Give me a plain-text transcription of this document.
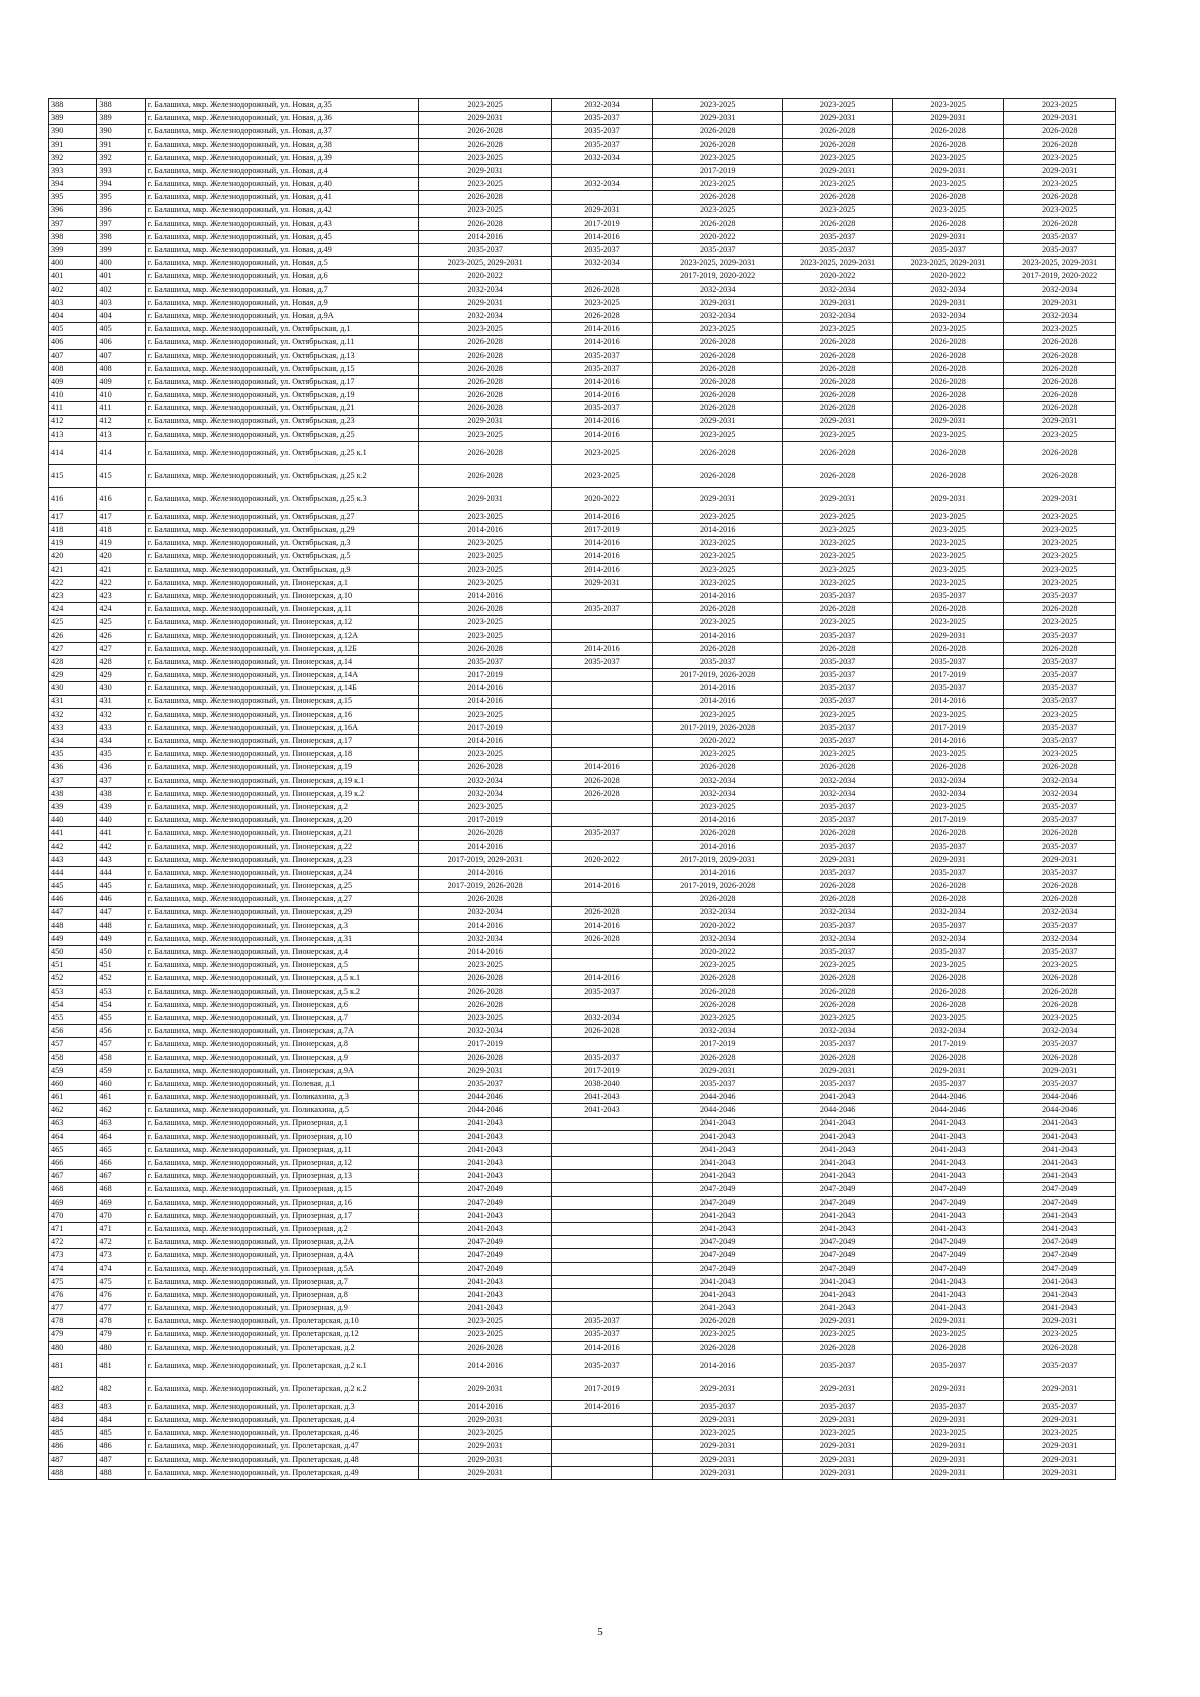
388	388	г. Балашиха, мкр. Железнодорожный, ул. Новая, д.35	2023-2025	2032-2034	2023-2025	2023-2025	2023-2025	2023-2025
389	389	г. Балашиха, мкр. Железнодорожный, ул. Новая, д.36	2029-2031	2035-2037	2029-2031	2029-2031	2029-2031	2029-2031
390	390	г. Балашиха, мкр. Железнодорожный, ул. Новая, д.37	2026-2028	2035-2037	2026-2028	2026-2028	2026-2028	2026-2028
391	391	г. Балашиха, мкр. Железнодорожный, ул. Новая, д.38	2026-2028	2035-2037	2026-2028	2026-2028	2026-2028	2026-2028
392	392	г. Балашиха, мкр. Железнодорожный, ул. Новая, д.39	2023-2025	2032-2034	2023-2025	2023-2025	2023-2025	2023-2025
393	393	г. Балашиха, мкр. Железнодорожный, ул. Новая, д.4	2029-2031		2017-2019	2029-2031	2029-2031	2029-2031
394	394	г. Балашиха, мкр. Железнодорожный, ул. Новая, д.40	2023-2025	2032-2034	2023-2025	2023-2025	2023-2025	2023-2025
395	395	г. Балашиха, мкр. Железнодорожный, ул. Новая, д.41	2026-2028		2026-2028	2026-2028	2026-2028	2026-2028
396	396	г. Балашиха, мкр. Железнодорожный, ул. Новая, д.42	2023-2025	2029-2031	2023-2025	2023-2025	2023-2025	2023-2025
397	397	г. Балашиха, мкр. Железнодорожный, ул. Новая, д.43	2026-2028	2017-2019	2026-2028	2026-2028	2026-2028	2026-2028
398	398	г. Балашиха, мкр. Железнодорожный, ул. Новая, д.45	2014-2016	2014-2016	2020-2022	2035-2037	2029-2031	2035-2037
399	399	г. Балашиха, мкр. Железнодорожный, ул. Новая, д.49	2035-2037	2035-2037	2035-2037	2035-2037	2035-2037	2035-2037
400	400	г. Балашиха, мкр. Железнодорожный, ул. Новая, д.5	2023-2025, 2029-2031	2032-2034	2023-2025, 2029-2031	2023-2025, 2029-2031	2023-2025, 2029-2031	2023-2025, 2029-2031
401	401	г. Балашиха, мкр. Железнодорожный, ул. Новая, д.6	2020-2022		2017-2019, 2020-2022	2020-2022	2020-2022	2017-2019, 2020-2022
402	402	г. Балашиха, мкр. Железнодорожный, ул. Новая, д.7	2032-2034	2026-2028	2032-2034	2032-2034	2032-2034	2032-2034
403	403	г. Балашиха, мкр. Железнодорожный, ул. Новая, д.9	2029-2031	2023-2025	2029-2031	2029-2031	2029-2031	2029-2031
404	404	г. Балашиха, мкр. Железнодорожный, ул. Новая, д.9А	2032-2034	2026-2028	2032-2034	2032-2034	2032-2034	2032-2034
405	405	г. Балашиха, мкр. Железнодорожный, ул. Октябрьская, д.1	2023-2025	2014-2016	2023-2025	2023-2025	2023-2025	2023-2025
406	406	г. Балашиха, мкр. Железнодорожный, ул. Октябрьская, д.11	2026-2028	2014-2016	2026-2028	2026-2028	2026-2028	2026-2028
407	407	г. Балашиха, мкр. Железнодорожный, ул. Октябрьская, д.13	2026-2028	2035-2037	2026-2028	2026-2028	2026-2028	2026-2028
408	408	г. Балашиха, мкр. Железнодорожный, ул. Октябрьская, д.15	2026-2028	2035-2037	2026-2028	2026-2028	2026-2028	2026-2028
409	409	г. Балашиха, мкр. Железнодорожный, ул. Октябрьская, д.17	2026-2028	2014-2016	2026-2028	2026-2028	2026-2028	2026-2028
410	410	г. Балашиха, мкр. Железнодорожный, ул. Октябрьская, д.19	2026-2028	2014-2016	2026-2028	2026-2028	2026-2028	2026-2028
411	411	г. Балашиха, мкр. Железнодорожный, ул. Октябрьская, д.21	2026-2028	2035-2037	2026-2028	2026-2028	2026-2028	2026-2028
412	412	г. Балашиха, мкр. Железнодорожный, ул. Октябрьская, д.23	2029-2031	2014-2016	2029-2031	2029-2031	2029-2031	2029-2031
413	413	г. Балашиха, мкр. Железнодорожный, ул. Октябрьская, д.25	2023-2025	2014-2016	2023-2025	2023-2025	2023-2025	2023-2025
414	414	г. Балашиха, мкр. Железнодорожный, ул. Октябрьская, д.25 к.1	2026-2028	2023-2025	2026-2028	2026-2028	2026-2028	2026-2028
415	415	г. Балашиха, мкр. Железнодорожный, ул. Октябрьская, д.25 к.2	2026-2028	2023-2025	2026-2028	2026-2028	2026-2028	2026-2028
416	416	г. Балашиха, мкр. Железнодорожный, ул. Октябрьская, д.25 к.3	2029-2031	2020-2022	2029-2031	2029-2031	2029-2031	2029-2031
417	417	г. Балашиха, мкр. Железнодорожный, ул. Октябрьская, д.27	2023-2025	2014-2016	2023-2025	2023-2025	2023-2025	2023-2025
418	418	г. Балашиха, мкр. Железнодорожный, ул. Октябрьская, д.29	2014-2016	2017-2019	2014-2016	2023-2025	2023-2025	2023-2025
419	419	г. Балашиха, мкр. Железнодорожный, ул. Октябрьская, д.3	2023-2025	2014-2016	2023-2025	2023-2025	2023-2025	2023-2025
420	420	г. Балашиха, мкр. Железнодорожный, ул. Октябрьская, д.5	2023-2025	2014-2016	2023-2025	2023-2025	2023-2025	2023-2025
421	421	г. Балашиха, мкр. Железнодорожный, ул. Октябрьская, д.9	2023-2025	2014-2016	2023-2025	2023-2025	2023-2025	2023-2025
422	422	г. Балашиха, мкр. Железнодорожный, ул. Пионерская, д.1	2023-2025	2029-2031	2023-2025	2023-2025	2023-2025	2023-2025
423	423	г. Балашиха, мкр. Железнодорожный, ул. Пионерская, д.10	2014-2016		2014-2016	2035-2037	2035-2037	2035-2037
424	424	г. Балашиха, мкр. Железнодорожный, ул. Пионерская, д.11	2026-2028	2035-2037	2026-2028	2026-2028	2026-2028	2026-2028
425	425	г. Балашиха, мкр. Железнодорожный, ул. Пионерская, д.12	2023-2025		2023-2025	2023-2025	2023-2025	2023-2025
426	426	г. Балашиха, мкр. Железнодорожный, ул. Пионерская, д.12А	2023-2025		2014-2016	2035-2037	2029-2031	2035-2037
427	427	г. Балашиха, мкр. Железнодорожный, ул. Пионерская, д.12Б	2026-2028	2014-2016	2026-2028	2026-2028	2026-2028	2026-2028
428	428	г. Балашиха, мкр. Железнодорожный, ул. Пионерская, д.14	2035-2037	2035-2037	2035-2037	2035-2037	2035-2037	2035-2037
429	429	г. Балашиха, мкр. Железнодорожный, ул. Пионерская, д.14А	2017-2019		2017-2019, 2026-2028	2035-2037	2017-2019	2035-2037
430	430	г. Балашиха, мкр. Железнодорожный, ул. Пионерская, д.14Б	2014-2016		2014-2016	2035-2037	2035-2037	2035-2037
431	431	г. Балашиха, мкр. Железнодорожный, ул. Пионерская, д.15	2014-2016		2014-2016	2035-2037	2014-2016	2035-2037
432	432	г. Балашиха, мкр. Железнодорожный, ул. Пионерская, д.16	2023-2025		2023-2025	2023-2025	2023-2025	2023-2025
433	433	г. Балашиха, мкр. Железнодорожный, ул. Пионерская, д.16А	2017-2019		2017-2019, 2026-2028	2035-2037	2017-2019	2035-2037
434	434	г. Балашиха, мкр. Железнодорожный, ул. Пионерская, д.17	2014-2016		2020-2022	2035-2037	2014-2016	2035-2037
435	435	г. Балашиха, мкр. Железнодорожный, ул. Пионерская, д.18	2023-2025		2023-2025	2023-2025	2023-2025	2023-2025
436	436	г. Балашиха, мкр. Железнодорожный, ул. Пионерская, д.19	2026-2028	2014-2016	2026-2028	2026-2028	2026-2028	2026-2028
437	437	г. Балашиха, мкр. Железнодорожный, ул. Пионерская, д.19 к.1	2032-2034	2026-2028	2032-2034	2032-2034	2032-2034	2032-2034
438	438	г. Балашиха, мкр. Железнодорожный, ул. Пионерская, д.19 к.2	2032-2034	2026-2028	2032-2034	2032-2034	2032-2034	2032-2034
439	439	г. Балашиха, мкр. Железнодорожный, ул. Пионерская, д.2	2023-2025		2023-2025	2035-2037	2023-2025	2035-2037
440	440	г. Балашиха, мкр. Железнодорожный, ул. Пионерская, д.20	2017-2019		2014-2016	2035-2037	2017-2019	2035-2037
441	441	г. Балашиха, мкр. Железнодорожный, ул. Пионерская, д.21	2026-2028	2035-2037	2026-2028	2026-2028	2026-2028	2026-2028
442	442	г. Балашиха, мкр. Железнодорожный, ул. Пионерская, д.22	2014-2016		2014-2016	2035-2037	2035-2037	2035-2037
443	443	г. Балашиха, мкр. Железнодорожный, ул. Пионерская, д.23	2017-2019, 2029-2031	2020-2022	2017-2019, 2029-2031	2029-2031	2029-2031	2029-2031
444	444	г. Балашиха, мкр. Железнодорожный, ул. Пионерская, д.24	2014-2016		2014-2016	2035-2037	2035-2037	2035-2037
445	445	г. Балашиха, мкр. Железнодорожный, ул. Пионерская, д.25	2017-2019, 2026-2028	2014-2016	2017-2019, 2026-2028	2026-2028	2026-2028	2026-2028
446	446	г. Балашиха, мкр. Железнодорожный, ул. Пионерская, д.27	2026-2028		2026-2028	2026-2028	2026-2028	2026-2028
447	447	г. Балашиха, мкр. Железнодорожный, ул. Пионерская, д.29	2032-2034	2026-2028	2032-2034	2032-2034	2032-2034	2032-2034
448	448	г. Балашиха, мкр. Железнодорожный, ул. Пионерская, д.3	2014-2016	2014-2016	2020-2022	2035-2037	2035-2037	2035-2037
449	449	г. Балашиха, мкр. Железнодорожный, ул. Пионерская, д.31	2032-2034	2026-2028	2032-2034	2032-2034	2032-2034	2032-2034
450	450	г. Балашиха, мкр. Железнодорожный, ул. Пионерская, д.4	2014-2016		2020-2022	2035-2037	2035-2037	2035-2037
451	451	г. Балашиха, мкр. Железнодорожный, ул. Пионерская, д.5	2023-2025		2023-2025	2023-2025	2023-2025	2023-2025
452	452	г. Балашиха, мкр. Железнодорожный, ул. Пионерская, д.5 к.1	2026-2028	2014-2016	2026-2028	2026-2028	2026-2028	2026-2028
453	453	г. Балашиха, мкр. Железнодорожный, ул. Пионерская, д.5 к.2	2026-2028	2035-2037	2026-2028	2026-2028	2026-2028	2026-2028
454	454	г. Балашиха, мкр. Железнодорожный, ул. Пионерская, д.6	2026-2028		2026-2028	2026-2028	2026-2028	2026-2028
455	455	г. Балашиха, мкр. Железнодорожный, ул. Пионерская, д.7	2023-2025	2032-2034	2023-2025	2023-2025	2023-2025	2023-2025
456	456	г. Балашиха, мкр. Железнодорожный, ул. Пионерская, д.7А	2032-2034	2026-2028	2032-2034	2032-2034	2032-2034	2032-2034
457	457	г. Балашиха, мкр. Железнодорожный, ул. Пионерская, д.8	2017-2019		2017-2019	2035-2037	2017-2019	2035-2037
458	458	г. Балашиха, мкр. Железнодорожный, ул. Пионерская, д.9	2026-2028	2035-2037	2026-2028	2026-2028	2026-2028	2026-2028
459	459	г. Балашиха, мкр. Железнодорожный, ул. Пионерская, д.9А	2029-2031	2017-2019	2029-2031	2029-2031	2029-2031	2029-2031
460	460	г. Балашиха, мкр. Железнодорожный, ул. Полевая, д.1	2035-2037	2038-2040	2035-2037	2035-2037	2035-2037	2035-2037
461	461	г. Балашиха, мкр. Железнодорожный, ул. Поликахина, д.3	2044-2046	2041-2043	2044-2046	2041-2043	2044-2046	2044-2046
462	462	г. Балашиха, мкр. Железнодорожный, ул. Поликахина, д.5	2044-2046	2041-2043	2044-2046	2044-2046	2044-2046	2044-2046
463	463	г. Балашиха, мкр. Железнодорожный, ул. Приозерная, д.1	2041-2043		2041-2043	2041-2043	2041-2043	2041-2043
464	464	г. Балашиха, мкр. Железнодорожный, ул. Приозерная, д.10	2041-2043		2041-2043	2041-2043	2041-2043	2041-2043
465	465	г. Балашиха, мкр. Железнодорожный, ул. Приозерная, д.11	2041-2043		2041-2043	2041-2043	2041-2043	2041-2043
466	466	г. Балашиха, мкр. Железнодорожный, ул. Приозерная, д.12	2041-2043		2041-2043	2041-2043	2041-2043	2041-2043
467	467	г. Балашиха, мкр. Железнодорожный, ул. Приозерная, д.13	2041-2043		2041-2043	2041-2043	2041-2043	2041-2043
468	468	г. Балашиха, мкр. Железнодорожный, ул. Приозерная, д.15	2047-2049		2047-2049	2047-2049	2047-2049	2047-2049
469	469	г. Балашиха, мкр. Железнодорожный, ул. Приозерная, д.16	2047-2049		2047-2049	2047-2049	2047-2049	2047-2049
470	470	г. Балашиха, мкр. Железнодорожный, ул. Приозерная, д.17	2041-2043		2041-2043	2041-2043	2041-2043	2041-2043
471	471	г. Балашиха, мкр. Железнодорожный, ул. Приозерная, д.2	2041-2043		2041-2043	2041-2043	2041-2043	2041-2043
472	472	г. Балашиха, мкр. Железнодорожный, ул. Приозерная, д.2А	2047-2049		2047-2049	2047-2049	2047-2049	2047-2049
473	473	г. Балашиха, мкр. Железнодорожный, ул. Приозерная, д.4А	2047-2049		2047-2049	2047-2049	2047-2049	2047-2049
474	474	г. Балашиха, мкр. Железнодорожный, ул. Приозерная, д.5А	2047-2049		2047-2049	2047-2049	2047-2049	2047-2049
475	475	г. Балашиха, мкр. Железнодорожный, ул. Приозерная, д.7	2041-2043		2041-2043	2041-2043	2041-2043	2041-2043
476	476	г. Балашиха, мкр. Железнодорожный, ул. Приозерная, д.8	2041-2043		2041-2043	2041-2043	2041-2043	2041-2043
477	477	г. Балашиха, мкр. Железнодорожный, ул. Приозерная, д.9	2041-2043		2041-2043	2041-2043	2041-2043	2041-2043
478	478	г. Балашиха, мкр. Железнодорожный, ул. Пролетарская, д.10	2023-2025	2035-2037	2026-2028	2029-2031	2029-2031	2029-2031
479	479	г. Балашиха, мкр. Железнодорожный, ул. Пролетарская, д.12	2023-2025	2035-2037	2023-2025	2023-2025	2023-2025	2023-2025
480	480	г. Балашиха, мкр. Железнодорожный, ул. Пролетарская, д.2	2026-2028	2014-2016	2026-2028	2026-2028	2026-2028	2026-2028
481	481	г. Балашиха, мкр. Железнодорожный, ул. Пролетарская, д.2 к.1	2014-2016	2035-2037	2014-2016	2035-2037	2035-2037	2035-2037
482	482	г. Балашиха, мкр. Железнодорожный, ул. Пролетарская, д.2 к.2	2029-2031	2017-2019	2029-2031	2029-2031	2029-2031	2029-2031
483	483	г. Балашиха, мкр. Железнодорожный, ул. Пролетарская, д.3	2014-2016	2014-2016	2035-2037	2035-2037	2035-2037	2035-2037
484	484	г. Балашиха, мкр. Железнодорожный, ул. Пролетарская, д.4	2029-2031		2029-2031	2029-2031	2029-2031	2029-2031
485	485	г. Балашиха, мкр. Железнодорожный, ул. Пролетарская, д.46	2023-2025		2023-2025	2023-2025	2023-2025	2023-2025
486	486	г. Балашиха, мкр. Железнодорожный, ул. Пролетарская, д.47	2029-2031		2029-2031	2029-2031	2029-2031	2029-2031
487	487	г. Балашиха, мкр. Железнодорожный, ул. Пролетарская, д.48	2029-2031		2029-2031	2029-2031	2029-2031	2029-2031
488	488	г. Балашиха, мкр. Железнодорожный, ул. Пролетарская, д.49	2029-2031		2029-2031	2029-2031	2029-2031	2029-2031
5
